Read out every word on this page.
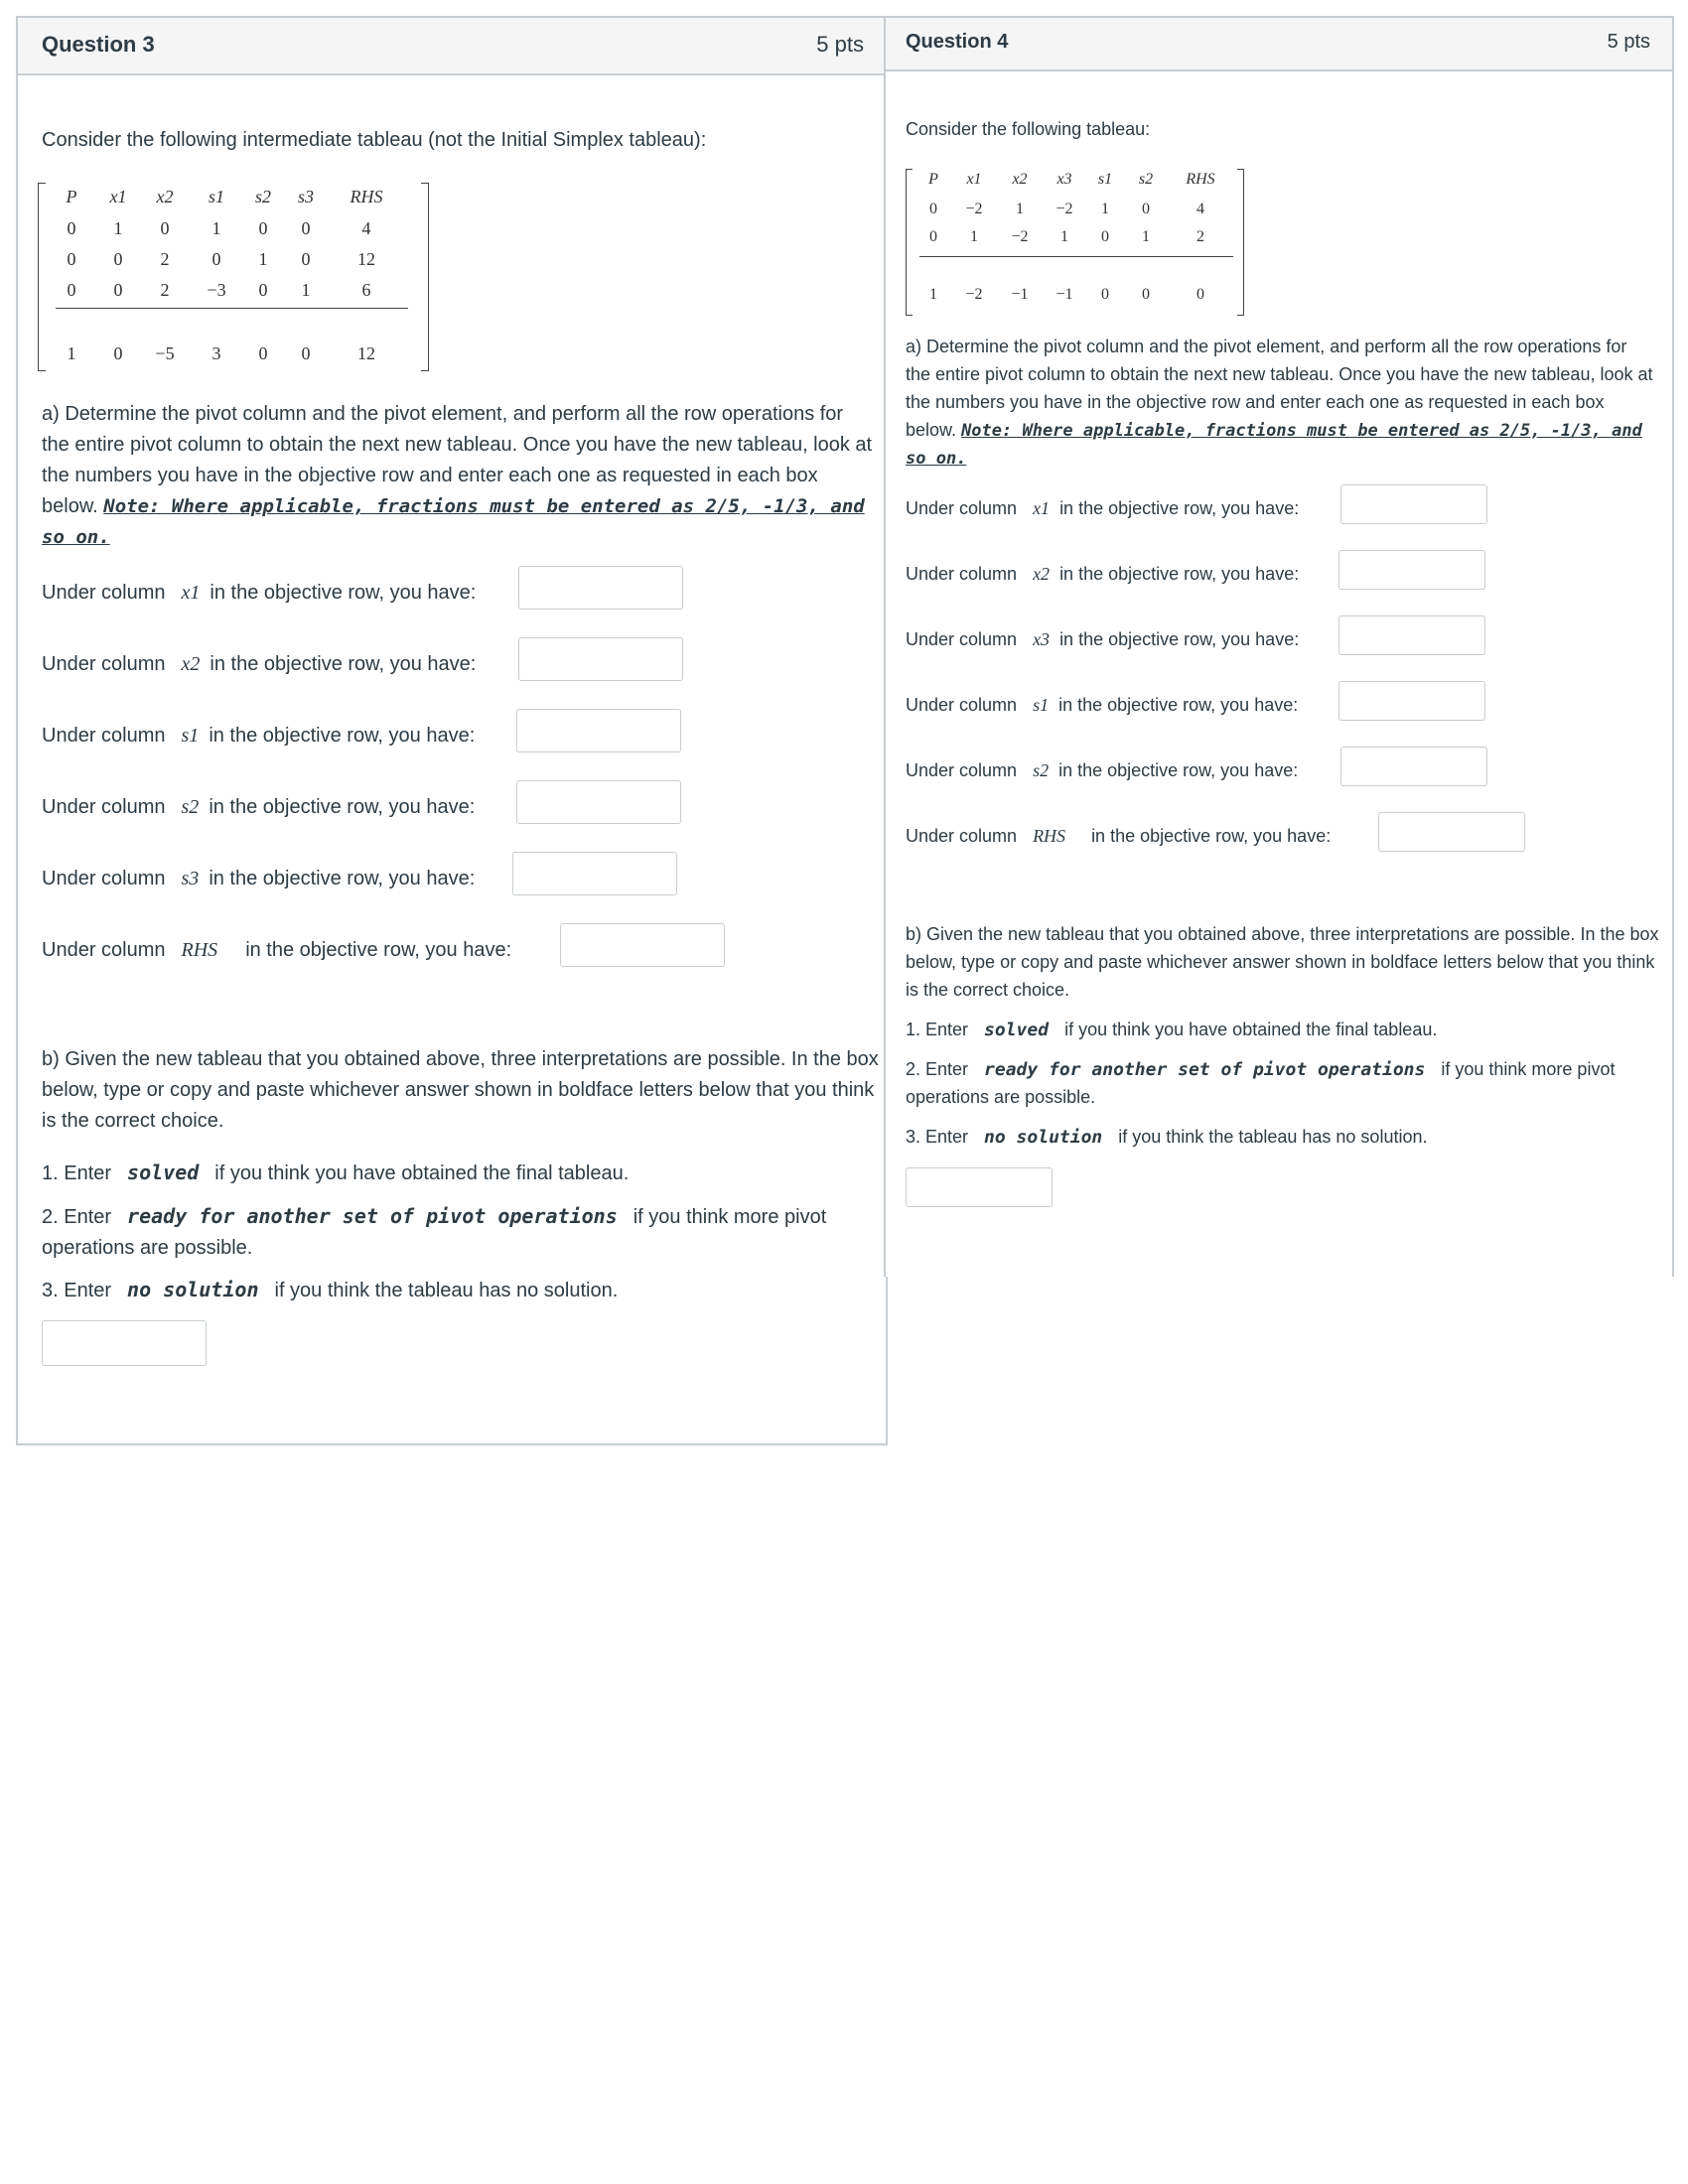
Question 3	5 pts
Consider the following intermediate tableau (not the Initial Simplex tableau):
P x1 x2 s1 s2 s3 RHS
0 1 0 1 0 0	4
0 0 2 0 1 0	12
0 0 2 −3 0 1	6
1 0 −5 3 0 0	12
a) Determine the pivot column and the pivot element, and perform all the row operations for the entire pivot column to obtain the next new tableau. Once you have the new tableau, look at the numbers you have in the objective row and enter each one as requested in each box below. Note: Where applicable, fractions must be entered as 2/5, -1/3, and so on.
Under column x1 in the objective row, you have:
Under column x2 in the objective row, you have:
Under column s1 in the objective row, you have:
Under column s2 in the objective row, you have:
Under column s3 in the objective row, you have:
Under column RHS in the objective row, you have:
b) Given the new tableau that you obtained above, three interpretations are possible. In the box below, type or copy and paste whichever answer shown in boldface letters below that you think is the correct choice.
1. Enter solved if you think you have obtained the final tableau.
2. Enter ready for another set of pivot operations if you think more pivot operations are possible.
3. Enter no solution if you think the tableau has no solution.
Question 4	5 pts
Consider the following tableau:
P x1 x2 x3 s1 s2 RHS
0 −2 1 −2 1 0	4
0 1 −2 1 0 1	2
1 −2 −1 −1 0 0	0
a) Determine the pivot column and the pivot element, and perform all the row operations for the entire pivot column to obtain the next new tableau. Once you have the new tableau, look at the numbers you have in the objective row and enter each one as requested in each box below. Note: Where applicable, fractions must be entered as 2/5, -1/3, and so on.
Under column x1 in the objective row, you have:
Under column x2 in the objective row, you have:
Under column x3 in the objective row, you have:
Under column s1 in the objective row, you have:
Under column s2 in the objective row, you have:
Under column RHS in the objective row, you have:
b) Given the new tableau that you obtained above, three interpretations are possible. In the box below, type or copy and paste whichever answer shown in boldface letters below that you think is the correct choice.
1. Enter solved if you think you have obtained the final tableau.
2. Enter ready for another set of pivot operations if you think more pivot operations are possible.
3. Enter no solution if you think the tableau has no solution.
